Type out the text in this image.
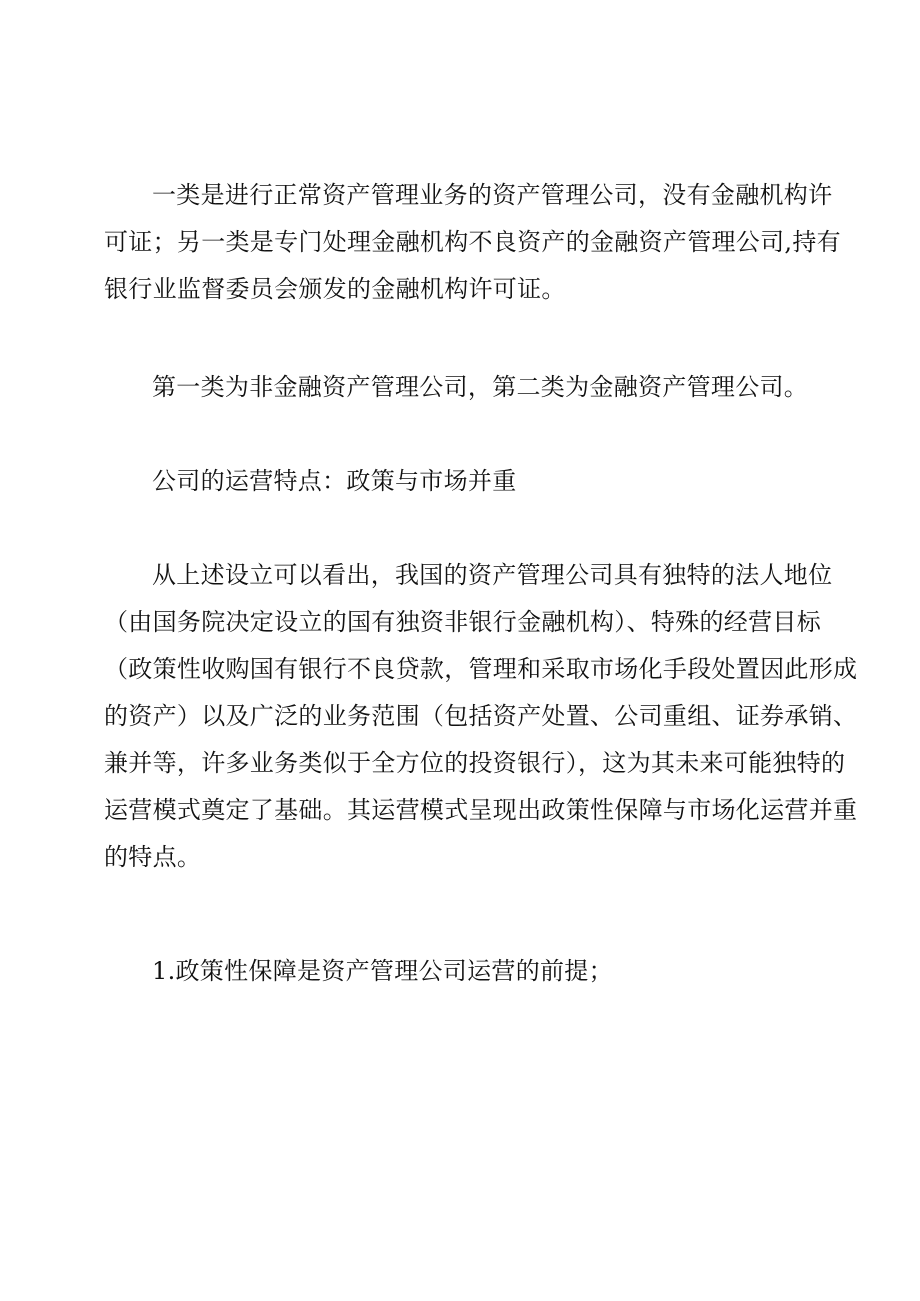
一类是进行正常资产管理业务的资产管理公司，没有金融机构许
可证；另一类是专门处理金融机构不良资产的金融资产管理公司,持有
银行业监督委员会颁发的金融机构许可证。
第一类为非金融资产管理公司，第二类为金融资产管理公司。
公司的运营特点：政策与市场并重
从上述设立可以看出，我国的资产管理公司具有独特的法人地位
（由国务院决定设立的国有独资非银行金融机构）、特殊的经营目标
（政策性收购国有银行不良贷款，管理和采取市场化手段处置因此形成
的资产）以及广泛的业务范围（包括资产处置、公司重组、证券承销、
兼并等，许多业务类似于全方位的投资银行），这为其未来可能独特的
运营模式奠定了基础。其运营模式呈现出政策性保障与市场化运营并重
的特点。
1.政策性保障是资产管理公司运营的前提；
